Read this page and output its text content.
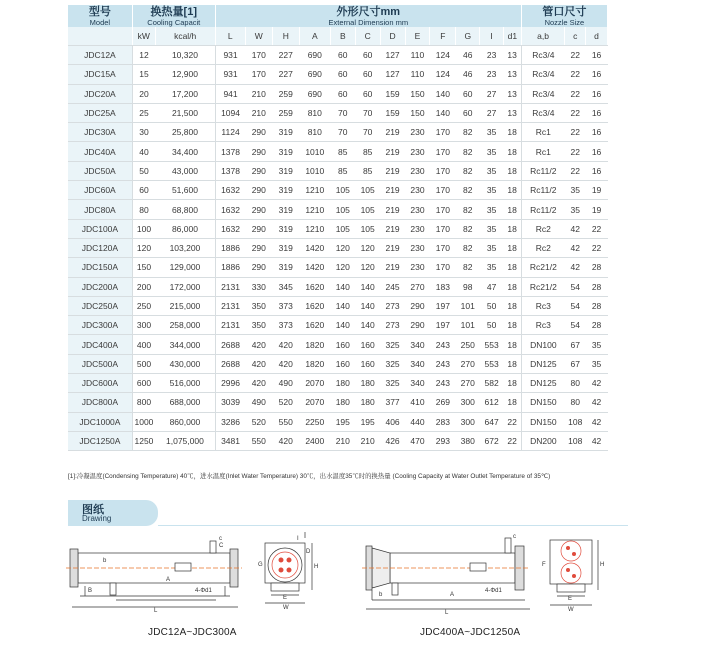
型号
Model	换热量[1]
Cooling Capacit		外形尺寸mm
External Dimension mm												管口尺寸
Nozzle Size		

	kW	kcal/h	L	W	H	A	B	C	D	E	F	G	I	d1	a,b	c	d
JDC12A	12	10,320	931	170	227	690	60	60	127	110	124	46	23	13	Rc3/4	22	16
JDC15A	15	12,900	931	170	227	690	60	60	127	110	124	46	23	13	Rc3/4	22	16
JDC20A	20	17,200	941	210	259	690	60	60	159	150	140	60	27	13	Rc3/4	22	16
JDC25A	25	21,500	1094	210	259	810	70	70	159	150	140	60	27	13	Rc3/4	22	16
JDC30A	30	25,800	1124	290	319	810	70	70	219	230	170	82	35	18	Rc1	22	16
JDC40A	40	34,400	1378	290	319	1010	85	85	219	230	170	82	35	18	Rc1	22	16
JDC50A	50	43,000	1378	290	319	1010	85	85	219	230	170	82	35	18	Rc11/2	22	16
JDC60A	60	51,600	1632	290	319	1210	105	105	219	230	170	82	35	18	Rc11/2	35	19
JDC80A	80	68,800	1632	290	319	1210	105	105	219	230	170	82	35	18	Rc11/2	35	19
JDC100A	100	86,000	1632	290	319	1210	105	105	219	230	170	82	35	18	Rc2	42	22
JDC120A	120	103,200	1886	290	319	1420	120	120	219	230	170	82	35	18	Rc2	42	22
JDC150A	150	129,000	1886	290	319	1420	120	120	219	230	170	82	35	18	Rc21/2	42	28
JDC200A	200	172,000	2131	330	345	1620	140	140	245	270	183	98	47	18	Rc21/2	54	28
JDC250A	250	215,000	2131	350	373	1620	140	140	273	290	197	101	50	18	Rc3	54	28
JDC300A	300	258,000	2131	350	373	1620	140	140	273	290	197	101	50	18	Rc3	54	28
JDC400A	400	344,000	2688	420	420	1820	160	160	325	340	243	250	553	18	DN100	67	35
JDC500A	500	430,000	2688	420	420	1820	160	160	325	340	243	270	553	18	DN125	67	35
JDC600A	600	516,000	2996	420	490	2070	180	180	325	340	243	270	582	18	DN125	80	42
JDC800A	800	688,000	3039	490	520	2070	180	180	377	410	269	300	612	18	DN150	80	42
JDC1000A	1000	860,000	3286	520	550	2250	195	195	406	440	283	300	647	22	DN150	108	42
JDC1250A	1250	1,075,000	3481	550	420	2400	210	210	426	470	293	380	672	22	DN200	108	42
[1]:冷凝温度(Condensing Temperature) 40℃，进水温度(Inlet Water Temperature) 30℃，出水温度35℃时的换热量 (Cooling Capacity at Water Outlet Temperature of 35℃)
图纸
Drawing
B
b
A
L
c
C
4-Φd1
E
W
H
G
I
D
A
L
b
c
4-Φd1
E
W
H
F
JDC12A~JDC300A	JDC400A~JDC1250A
